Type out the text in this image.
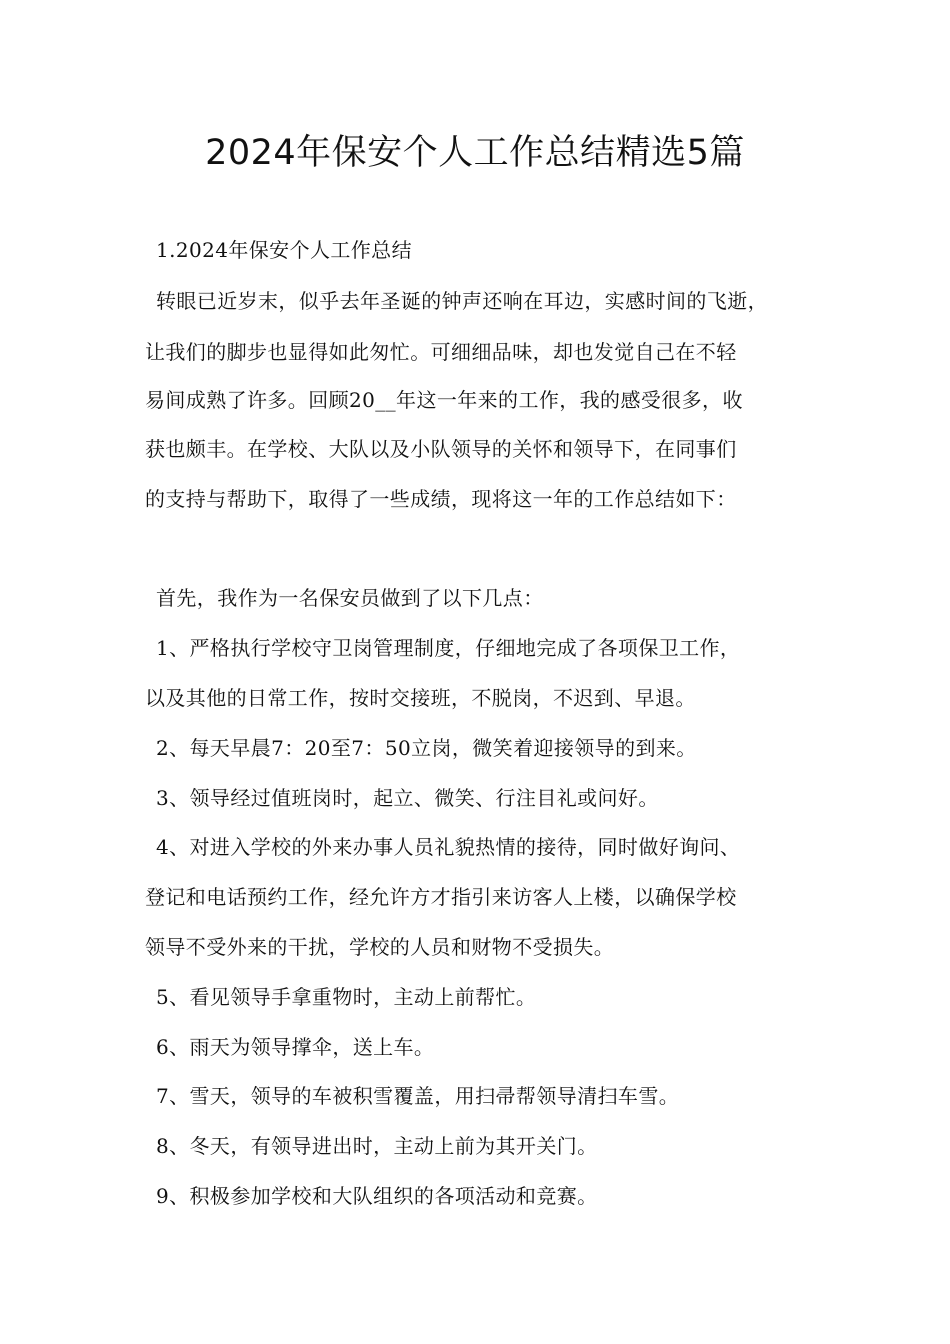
2024年保安个人工作总结精选5篇
1.2024年保安个人工作总结
转眼已近岁末，似乎去年圣诞的钟声还响在耳边，实感时间的飞逝，
让我们的脚步也显得如此匆忙。可细细品味，却也发觉自己在不轻
易间成熟了许多。回顾20__年这一年来的工作，我的感受很多，收
获也颇丰。在学校、大队以及小队领导的关怀和领导下，在同事们
的支持与帮助下，取得了一些成绩，现将这一年的工作总结如下：
首先，我作为一名保安员做到了以下几点：
1、严格执行学校守卫岗管理制度，仔细地完成了各项保卫工作，
以及其他的日常工作，按时交接班，不脱岗，不迟到、早退。
2、每天早晨7：20至7：50立岗，微笑着迎接领导的到来。
3、领导经过值班岗时，起立、微笑、行注目礼或问好。
4、对进入学校的外来办事人员礼貌热情的接待，同时做好询问、
登记和电话预约工作，经允许方才指引来访客人上楼，以确保学校
领导不受外来的干扰，学校的人员和财物不受损失。
5、看见领导手拿重物时，主动上前帮忙。
6、雨天为领导撑伞，送上车。
7、雪天，领导的车被积雪覆盖，用扫帚帮领导清扫车雪。
8、冬天，有领导进出时，主动上前为其开关门。
9、积极参加学校和大队组织的各项活动和竞赛。
